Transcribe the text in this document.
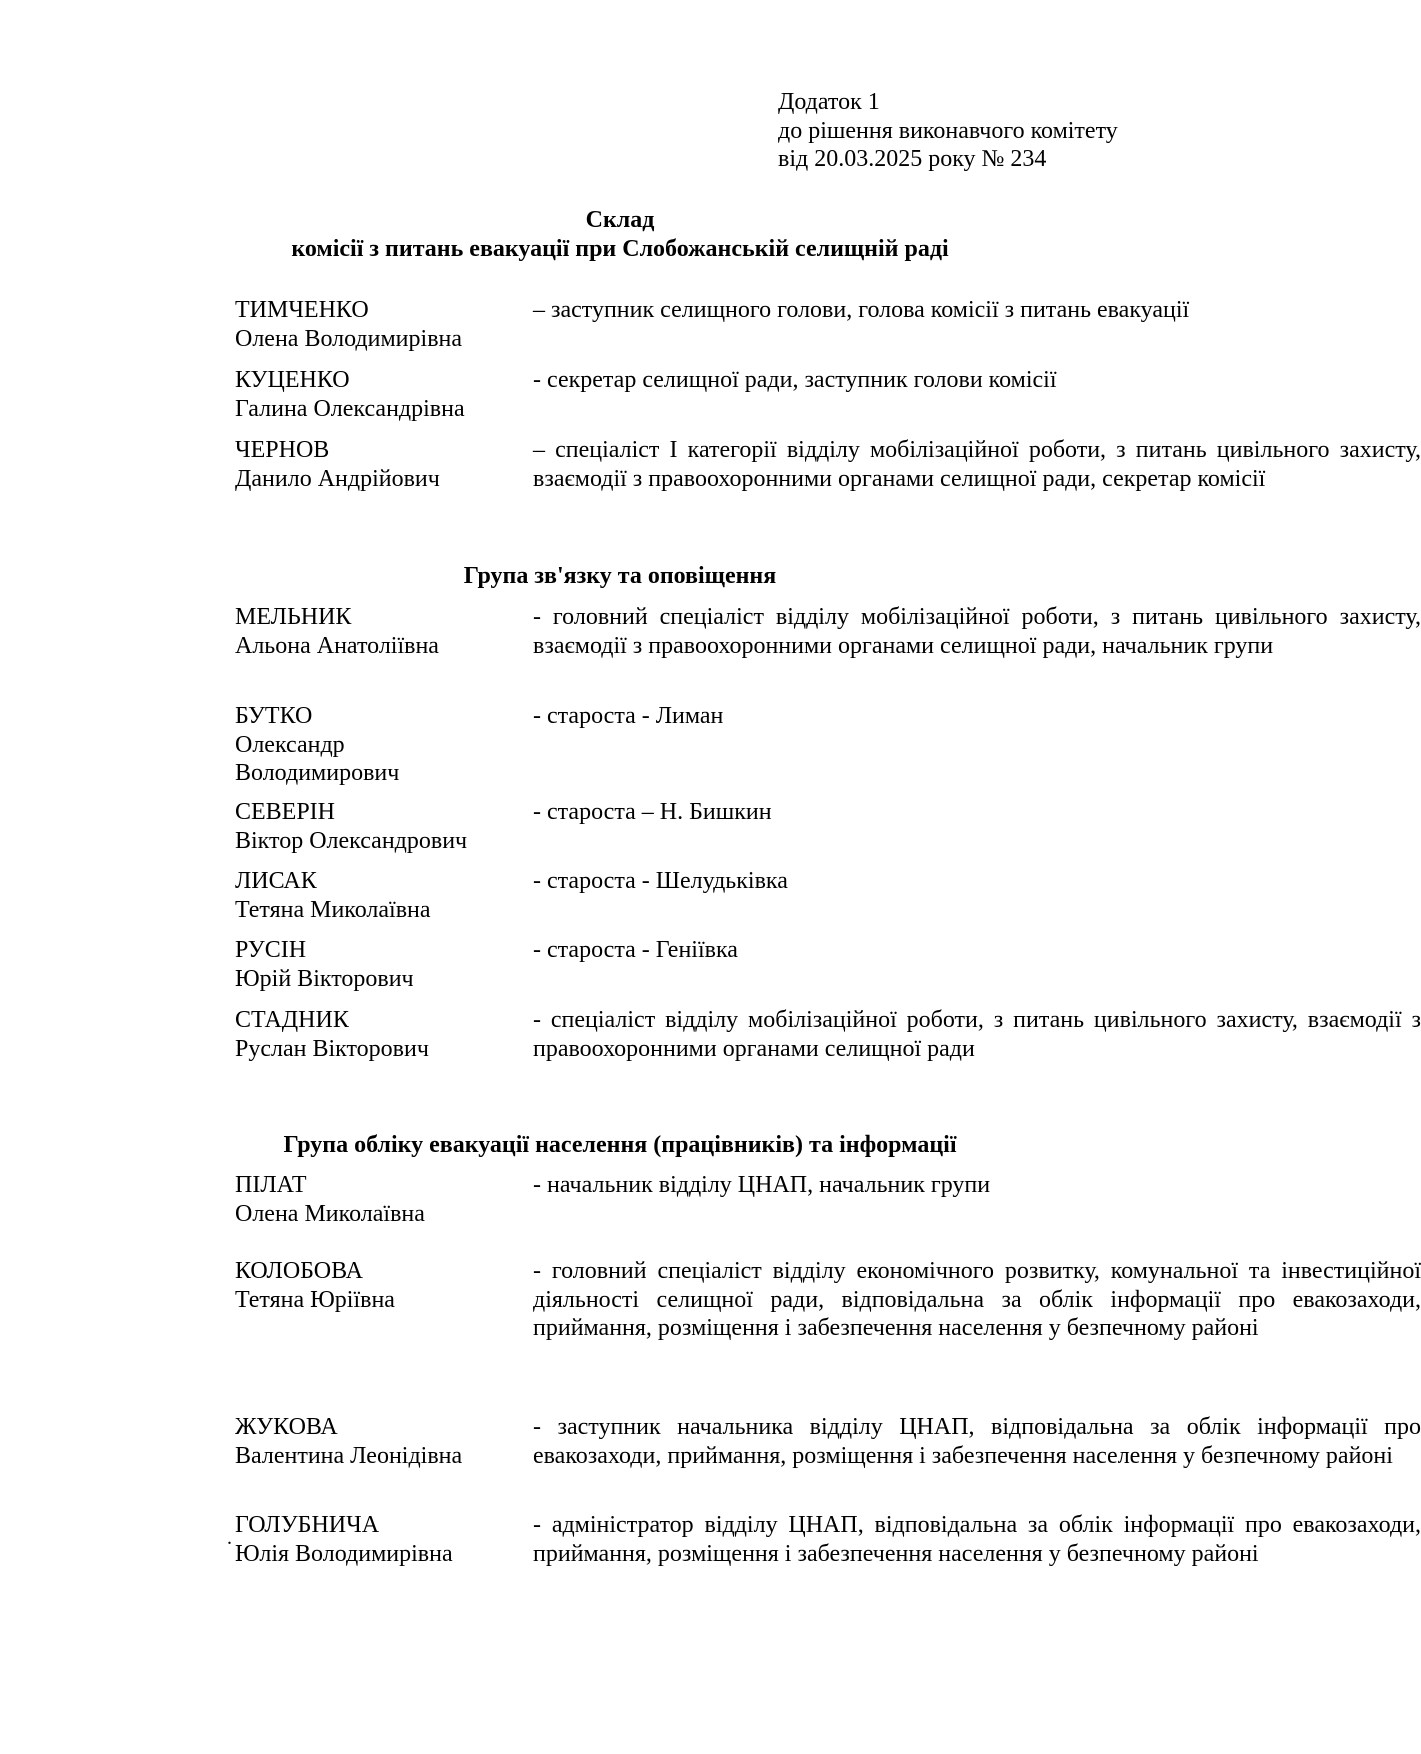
Додаток 1
до рішення виконавчого комітету
від 20.03.2025 року № 234
Склад
комісії з питань евакуації при Слобожанській селищній раді
ТИМЧЕНКО
Олена Володимирівна
– заступник селищного голови, голова комісії з питань евакуації
КУЦЕНКО
Галина Олександрівна
- секретар селищної ради, заступник голови комісії
ЧЕРНОВ
Данило Андрійович
– спеціаліст І категорії відділу мобілізаційної роботи, з питань цивільного захисту, взаємодії з правоохоронними органами селищної ради, секретар комісії
Група зв'язку та оповіщення
МЕЛЬНИК
Альона Анатоліївна
- головний спеціаліст відділу мобілізаційної роботи, з питань цивільного захисту, взаємодії з правоохоронними органами селищної ради, начальник групи
БУТКО
Олександр Володимирович
- староста - Лиман
СЕВЕРІН
Віктор Олександрович
- староста – Н. Бишкин
ЛИСАК
Тетяна Миколаївна
- староста - Шелудьківка
РУСІН
Юрій Вікторович
- староста - Геніївка
СТАДНИК
Руслан Вікторович
- спеціаліст відділу мобілізаційної роботи, з питань цивільного захисту, взаємодії з правоохоронними органами селищної ради
Група обліку евакуації населення (працівників) та інформації
ПІЛАТ
Олена Миколаївна
- начальник відділу ЦНАП, начальник групи
КОЛОБОВА
Тетяна Юріївна
- головний спеціаліст відділу економічного розвитку, комунальної та інвестиційної діяльності селищної ради, відповідальна за облік інформації про евакозаходи, приймання, розміщення і забезпечення населення у безпечному районі
ЖУКОВА
Валентина Леонідівна
- заступник начальника відділу ЦНАП, відповідальна за облік інформації про евакозаходи, приймання, розміщення і забезпечення населення у безпечному районі
. ГОЛУБНИЧА
Юлія Володимирівна
- адміністратор відділу ЦНАП, відповідальна за облік інформації про евакозаходи, приймання, розміщення і забезпечення населення у безпечному районі
